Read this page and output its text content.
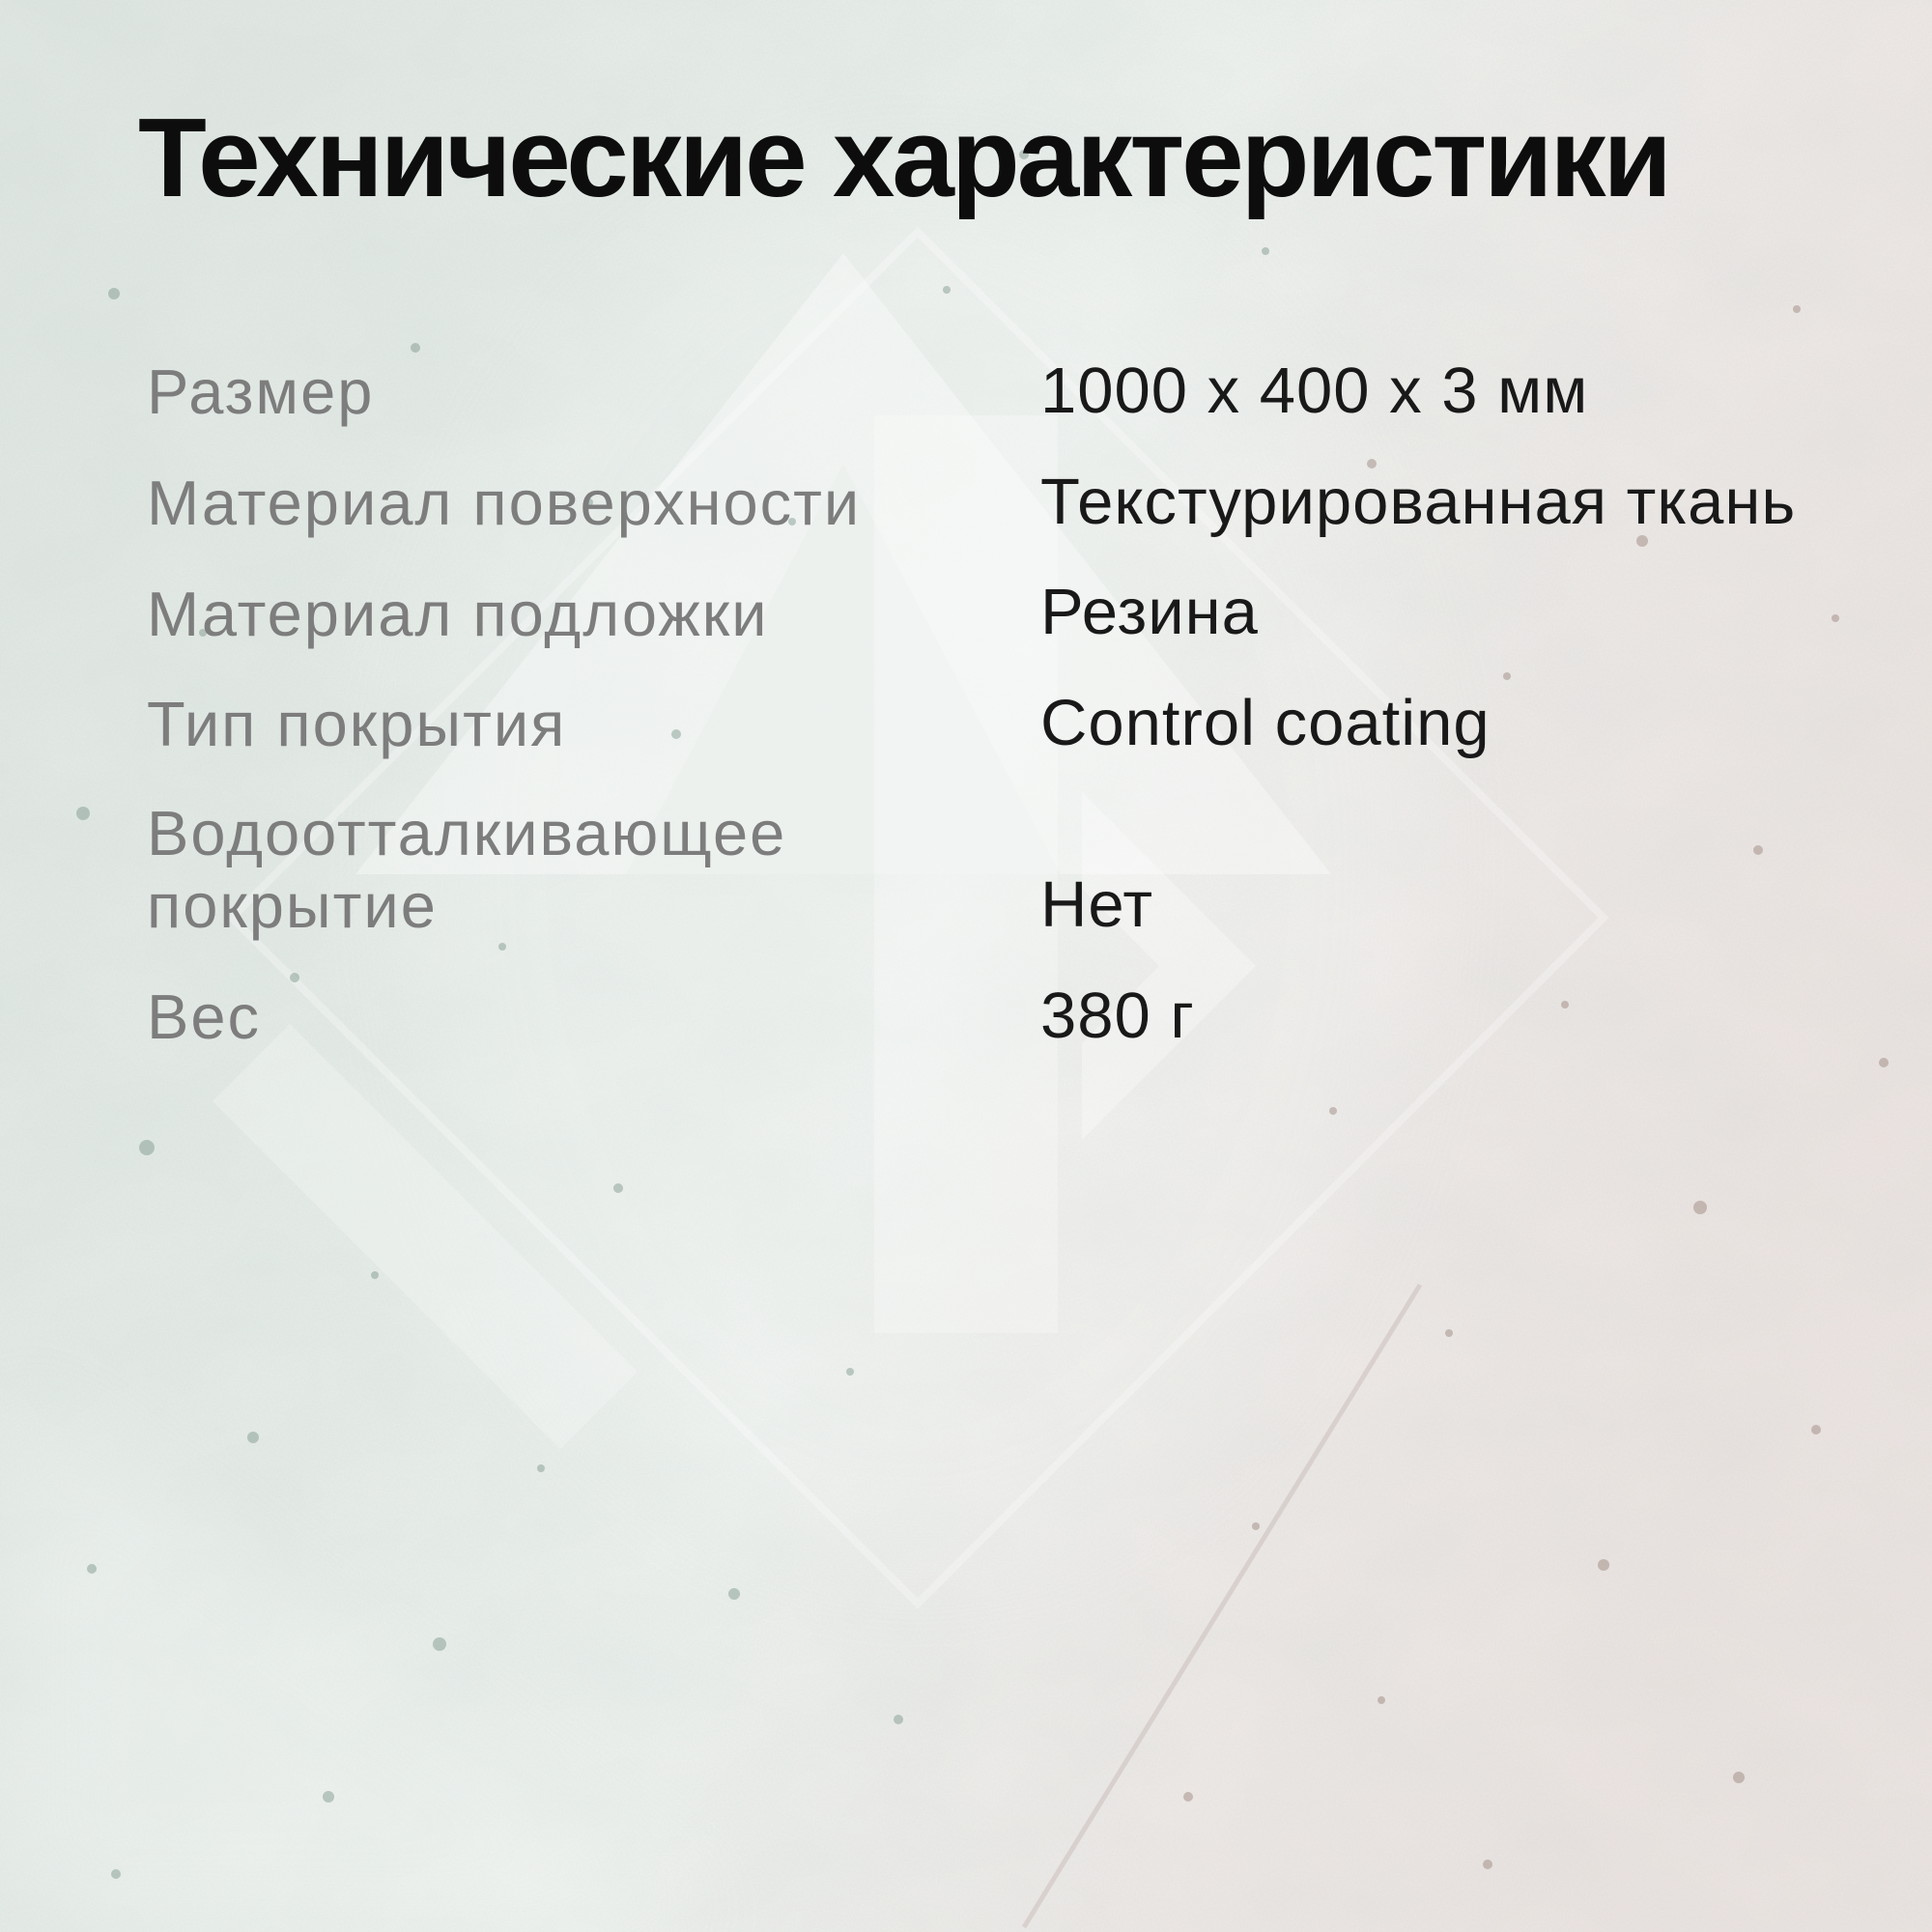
Технические характеристики
Размер	1000 x 400 x 3 мм
Материал поверхности	Текстурированная ткань
Материал подложки	Резина
Тип покрытия	Control coating
Водоотталкивающее покрытие	Нет
Вес	380 г
